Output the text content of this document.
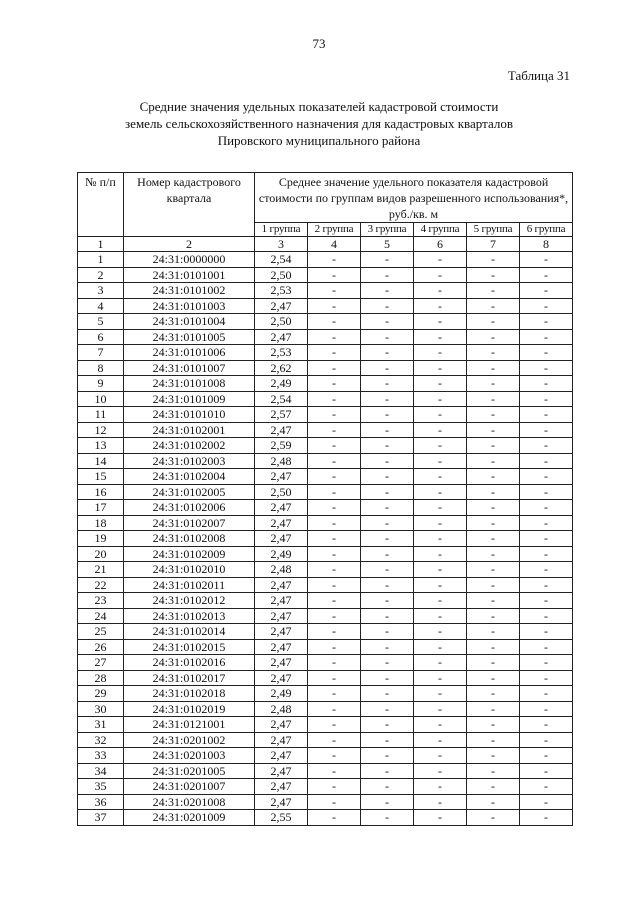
73
Таблица 31
Средние значения удельных показателей кадастровой стоимости
земель сельскохозяйственного назначения для кадастровых кварталов
Пировского муниципального района
№ п/п	Номер кадастрового квартала	Среднее значение удельного показателя кадастровой стоимости по группам видов разрешенного использования*, руб./кв. м					
		1 группа	2 группа	3 группа	4 группа	5 группа	6 группа
1	2	3	4	5	6	7	8
1	24:31:0000000	2,54	-	-	-	-	-
2	24:31:0101001	2,50	-	-	-	-	-
3	24:31:0101002	2,53	-	-	-	-	-
4	24:31:0101003	2,47	-	-	-	-	-
5	24:31:0101004	2,50	-	-	-	-	-
6	24:31:0101005	2,47	-	-	-	-	-
7	24:31:0101006	2,53	-	-	-	-	-
8	24:31:0101007	2,62	-	-	-	-	-
9	24:31:0101008	2,49	-	-	-	-	-
10	24:31:0101009	2,54	-	-	-	-	-
11	24:31:0101010	2,57	-	-	-	-	-
12	24:31:0102001	2,47	-	-	-	-	-
13	24:31:0102002	2,59	-	-	-	-	-
14	24:31:0102003	2,48	-	-	-	-	-
15	24:31:0102004	2,47	-	-	-	-	-
16	24:31:0102005	2,50	-	-	-	-	-
17	24:31:0102006	2,47	-	-	-	-	-
18	24:31:0102007	2,47	-	-	-	-	-
19	24:31:0102008	2,47	-	-	-	-	-
20	24:31:0102009	2,49	-	-	-	-	-
21	24:31:0102010	2,48	-	-	-	-	-
22	24:31:0102011	2,47	-	-	-	-	-
23	24:31:0102012	2,47	-	-	-	-	-
24	24:31:0102013	2,47	-	-	-	-	-
25	24:31:0102014	2,47	-	-	-	-	-
26	24:31:0102015	2,47	-	-	-	-	-
27	24:31:0102016	2,47	-	-	-	-	-
28	24:31:0102017	2,47	-	-	-	-	-
29	24:31:0102018	2,49	-	-	-	-	-
30	24:31:0102019	2,48	-	-	-	-	-
31	24:31:0121001	2,47	-	-	-	-	-
32	24:31:0201002	2,47	-	-	-	-	-
33	24:31:0201003	2,47	-	-	-	-	-
34	24:31:0201005	2,47	-	-	-	-	-
35	24:31:0201007	2,47	-	-	-	-	-
36	24:31:0201008	2,47	-	-	-	-	-
37	24:31:0201009	2,55	-	-	-	-	-
